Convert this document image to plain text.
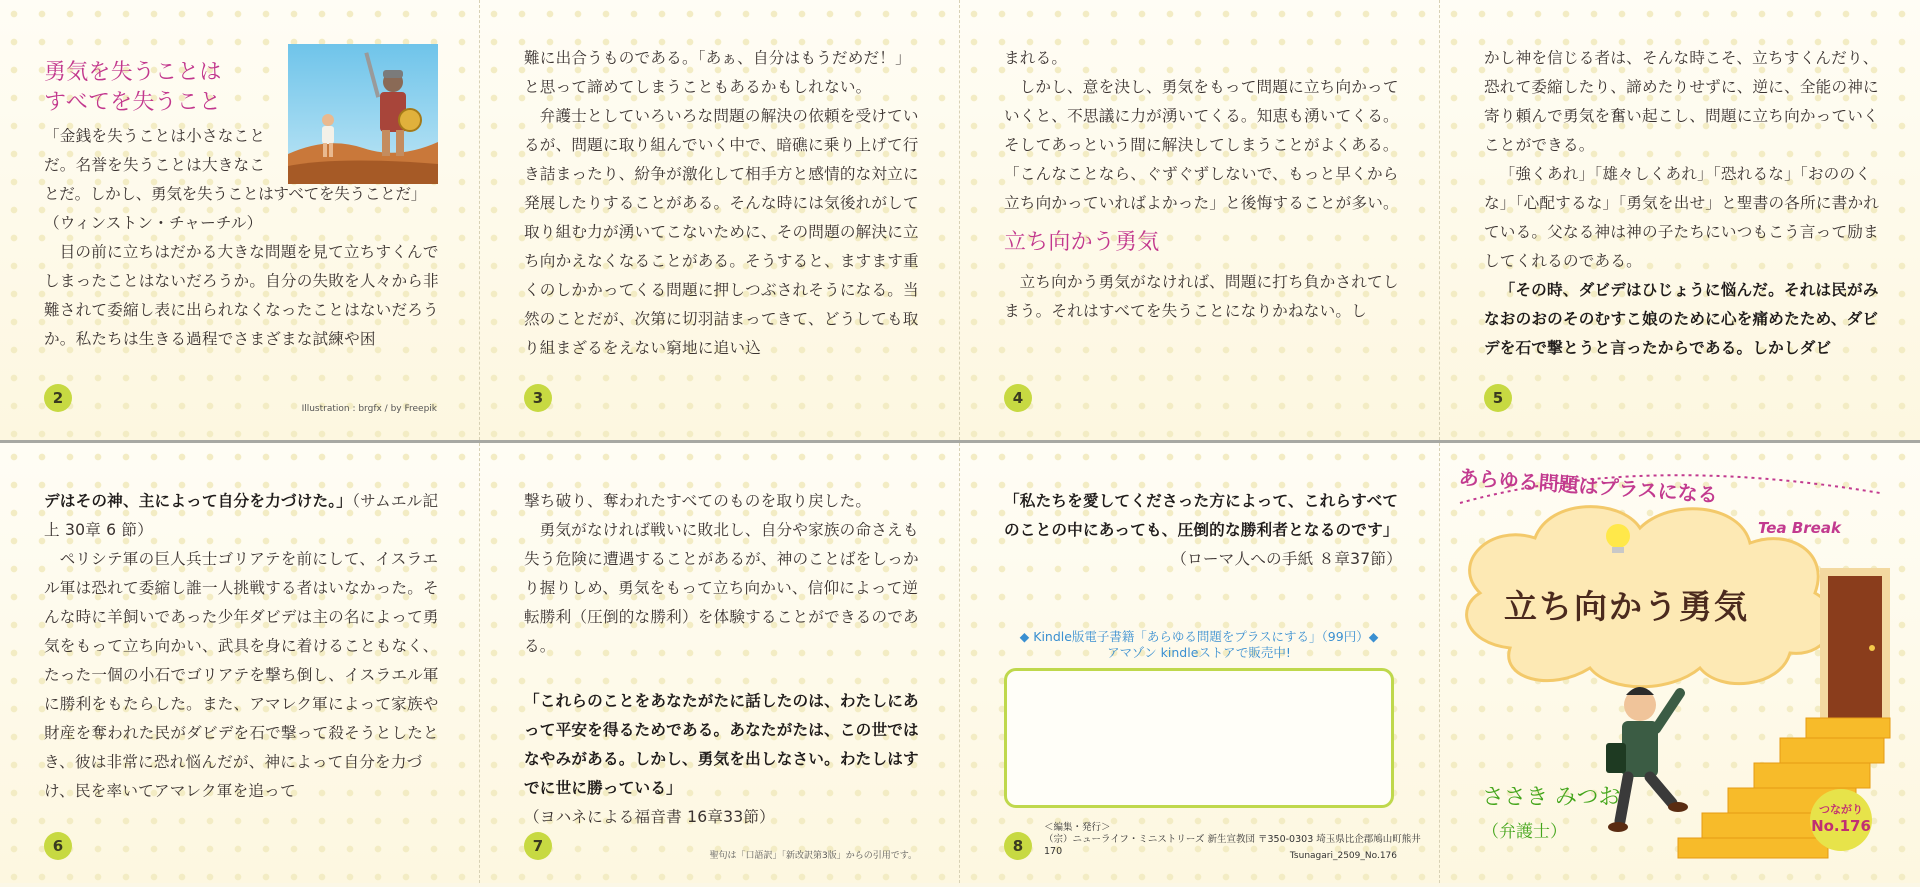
勇気を失うことは
すべてを失うこと

「金銭を失うことは小さなこと

だ。名誉を失うことは大きなこ

とだ。しかし、勇気を失うことはすべてを失うことだ」

（ウィンストン・チャーチル）

目の前に立ちはだかる大きな問題を見て立ちすくんでしまったことはないだろうか。自分の失敗を人々から非難されて委縮し表に出られなくなったことはないだろうか。私たちは生きる過程でさまざまな試練や困

2
Illustration : brgfx / by Freepik

難に出合うものである。「あぁ、自分はもうだめだ！」と思って諦めてしまうこともあるかもしれない。

弁護士としていろいろな問題の解決の依頼を受けているが、問題に取り組んでいく中で、暗礁に乗り上げて行き詰まったり、紛争が激化して相手方と感情的な対立に発展したりすることがある。そんな時には気後れがして取り組む力が湧いてこないために、その問題の解決に立ち向かえなくなることがある。そうすると、ますます重くのしかかってくる問題に押しつぶされそうになる。当然のことだが、次第に切羽詰まってきて、どうしても取り組まざるをえない窮地に追い込

3

まれる。

しかし、意を決し、勇気をもって問題に立ち向かっていくと、不思議に力が湧いてくる。知恵も湧いてくる。そしてあっという間に解決してしまうことがよくある。「こんなことなら、ぐずぐずしないで、もっと早くから立ち向かっていればよかった」と後悔することが多い。

立ち向かう勇気

立ち向かう勇気がなければ、問題に打ち負かされてしまう。それはすべてを失うことになりかねない。し

4

かし神を信じる者は、そんな時こそ、立ちすくんだり、恐れて委縮したり、諦めたりせずに、逆に、全能の神に寄り頼んで勇気を奮い起こし、問題に立ち向かっていくことができる。

「強くあれ」「雄々しくあれ」「恐れるな」「おののくな」「心配するな」「勇気を出せ」と聖書の各所に書かれている。父なる神は神の子たちにいつもこう言って励ましてくれるのである。

「その時、ダビデはひじょうに悩んだ。それは民がみなおのおのそのむすこ娘のために心を痛めたため、ダビデを石で撃とうと言ったからである。しかしダビ

5

デはその神、主によって自分を力づけた。」（サムエル記上 30章 6 節）

ペリシテ軍の巨人兵士ゴリアテを前にして、イスラエル軍は恐れて委縮し誰一人挑戦する者はいなかった。そんな時に羊飼いであった少年ダビデは主の名によって勇気をもって立ち向かい、武具を身に着けることもなく、たった一個の小石でゴリアテを撃ち倒し、イスラエル軍に勝利をもたらした。また、アマレク軍によって家族や財産を奪われた民がダビデを石で撃って殺そうとしたとき、彼は非常に恐れ悩んだが、神によって自分を力づけ、民を率いてアマレク軍を追って

6

撃ち破り、奪われたすべてのものを取り戻した。

勇気がなければ戦いに敗北し、自分や家族の命さえも失う危険に遭遇することがあるが、神のことばをしっかり握りしめ、勇気をもって立ち向かい、信仰によって逆転勝利（圧倒的な勝利）を体験することができるのである。

「これらのことをあなたがたに話したのは、わたしにあって平安を得るためである。あなたがたは、この世ではなやみがある。しかし、勇気を出しなさい。わたしはすでに世に勝っている」（ヨハネによる福音書 16章33節）

7
聖句は「口語訳」「新改訳第3版」からの引用です。

「私たちを愛してくださった方によって、これらすべてのことの中にあっても、圧倒的な勝利者となるのです」

（ローマ人への手紙 ８章37節）

◆ Kindle版電子書籍「あらゆる問題をプラスにする」（99円）◆
アマゾン kindleストアで販売中!
8
＜編集・発行＞
（宗）ニューライフ・ミニストリーズ 新生宣教団 〒350-0303 埼玉県比企郡鳩山町熊井 170	Tsunagari_2509_No.176
あらゆる問題はプラスになる
Tea Break
立ち向かう勇気
ささき みつお
（弁護士）
つながり
No.176
